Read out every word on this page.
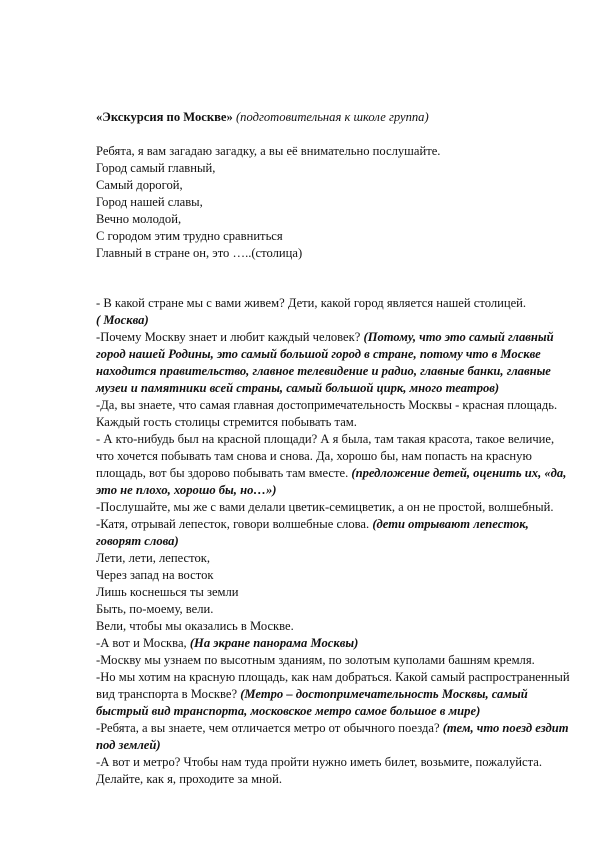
«Экскурсия по Москве» (подготовительная к школе группа)
Ребята, я вам загадаю загадку, а вы её внимательно послушайте.
Город самый главный,
Самый дорогой,
Город нашей славы,
Вечно молодой,
С городом этим трудно сравниться
Главный в стране он, это …..(столица)
- В какой стране мы с вами живем? Дети, какой город является нашей столицей.
( Москва)
-Почему Москву знает и любит каждый человек? (Потому, что это самый главный
город нашей Родины, это самый большой город в стране, потому что в Москве
находится правительство, главное телевидение и радио, главные банки, главные
музеи и памятники всей страны, самый большой цирк, много театров)
-Да, вы знаете, что самая главная достопримечательность Москвы - красная площадь.
Каждый гость столицы стремится побывать там.
- А кто-нибудь был на красной площади? А я была, там такая красота, такое величие,
что хочется побывать там снова и снова. Да, хорошо бы, нам попасть на красную
площадь, вот бы здорово побывать там вместе. (предложение детей, оценить их, «да,
это не плохо, хорошо бы, но…»)
-Послушайте, мы же с вами делали цветик-семицветик, а он не простой, волшебный.
-Катя, отрывай лепесток, говори волшебные слова. (дети отрывают лепесток,
говорят слова)
Лети, лети, лепесток,
Через запад на восток
Лишь коснешься ты земли
Быть, по-моему, вели.
Вели, чтобы мы оказались в Москве.
-А вот и Москва, (На экране панорама Москвы)
-Москву мы узнаем по высотным зданиям, по золотым куполами башням кремля.
-Но мы хотим на красную площадь, как нам добраться. Какой самый распространенный
вид транспорта в Москве? (Метро – достопримечательность Москвы, самый
быстрый вид транспорта, московское метро самое большое в мире)
-Ребята, а вы знаете, чем отличается метро от обычного поезда? (тем, что поезд ездит
под землей)
-А вот и метро? Чтобы нам туда пройти нужно иметь билет, возьмите, пожалуйста.
Делайте, как я, проходите за мной.
